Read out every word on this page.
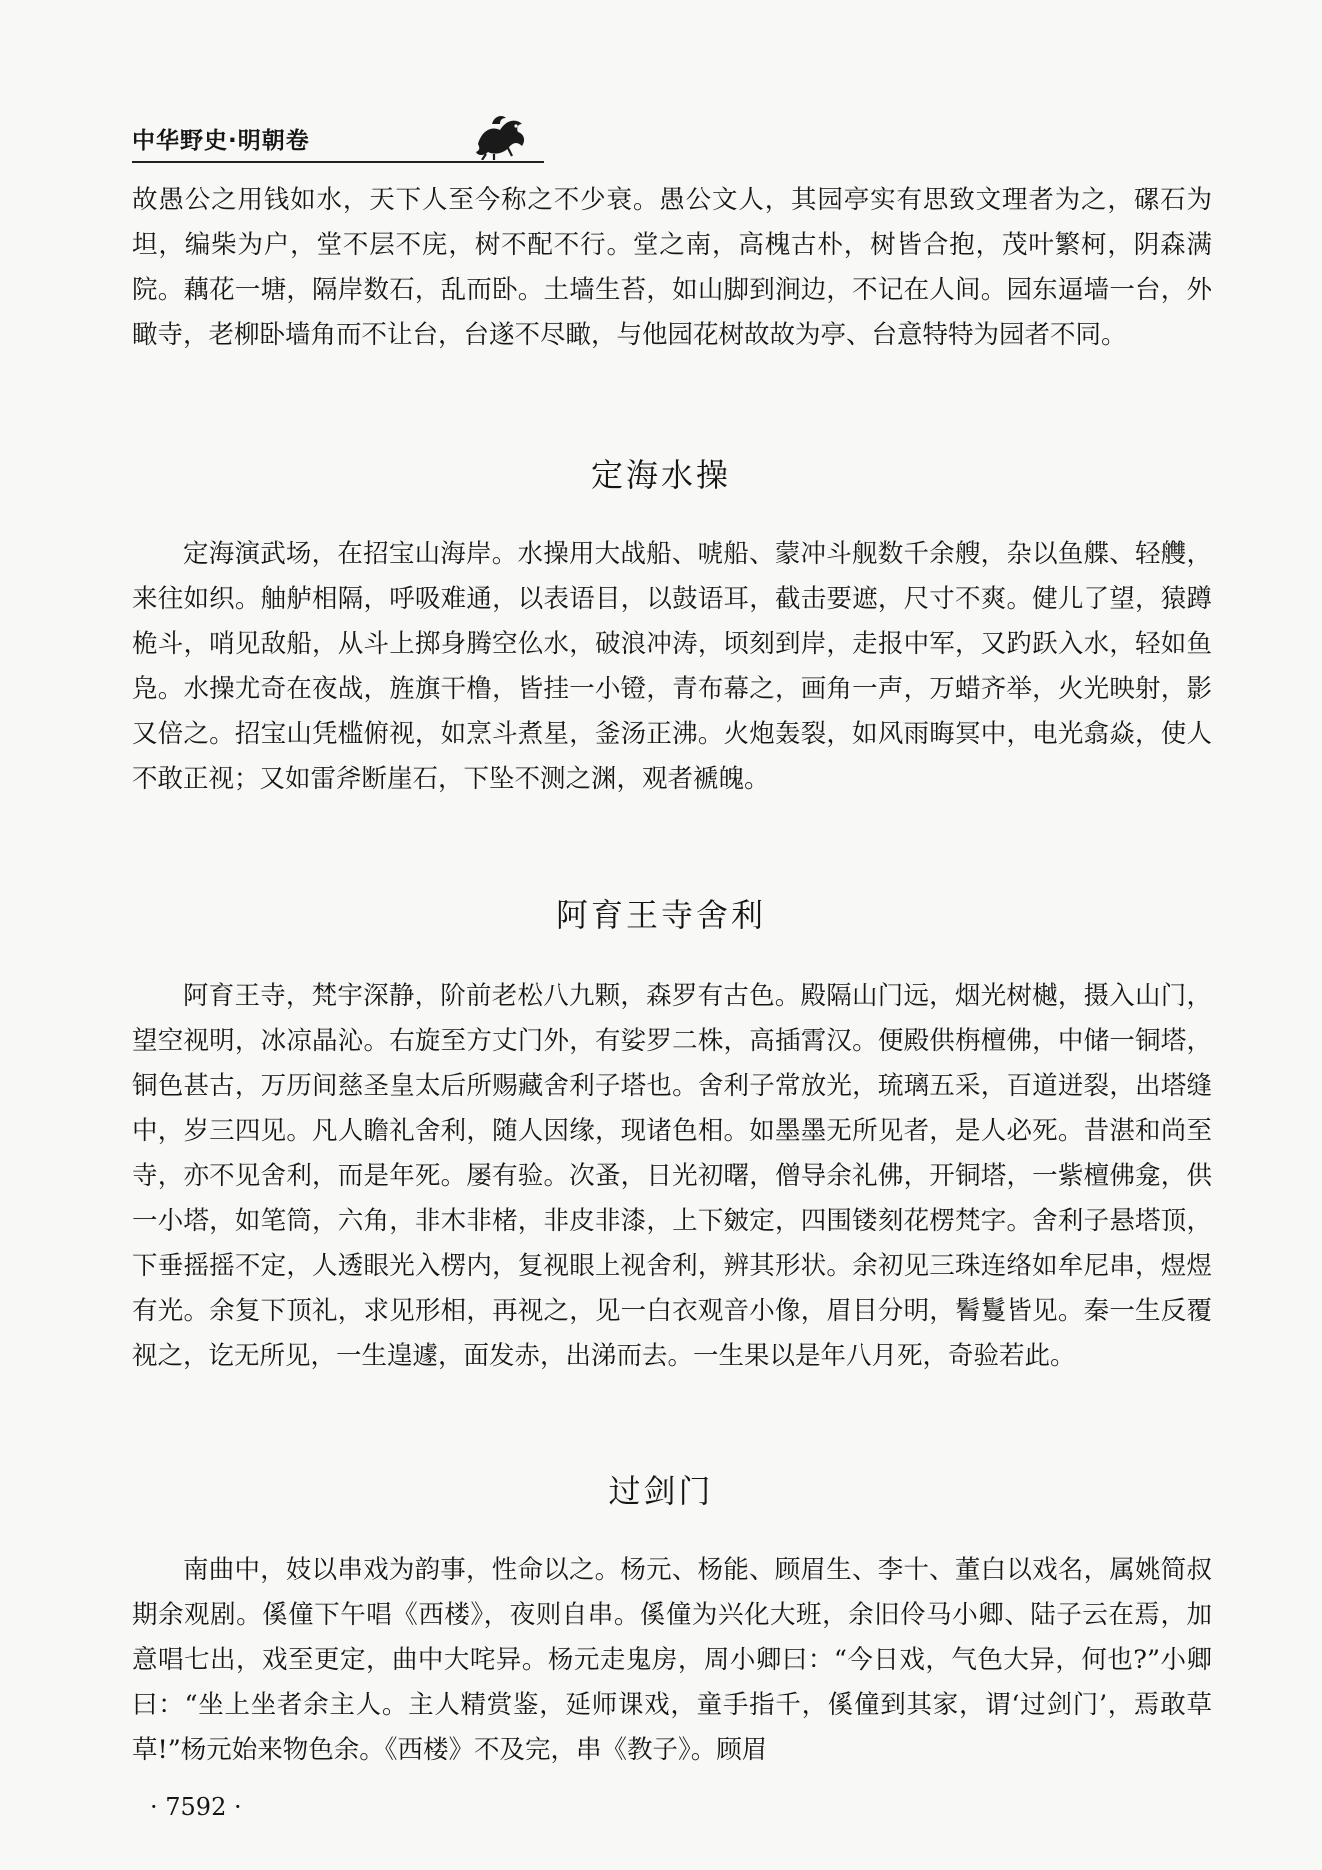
中华野史·明朝卷

故愚公之用钱如水，天下人至今称之不少衰。愚公文人，其园亭实有思致文理者为之，磥石为坦，编柴为户，堂不层不庑，树不配不行。堂之南，高槐古朴，树皆合抱，茂叶繁柯，阴森满院。藕花一塘，隔岸数石，乱而卧。土墙生苔，如山脚到涧边，不记在人间。园东逼墙一台，外瞰寺，老柳卧墙角而不让台，台遂不尽瞰，与他园花树故故为亭、台意特特为园者不同。

定海水操

定海演武场，在招宝山海岸。水操用大战船、唬船、蒙冲斗舰数千余艘，杂以鱼艓、轻艭，来往如织。舳舻相隔，呼吸难通，以表语目，以鼓语耳，截击要遮，尺寸不爽。健儿了望，猿蹲桅斗，哨见敌船，从斗上掷身腾空仫水，破浪冲涛，顷刻到岸，走报中军，又趵跃入水，轻如鱼凫。水操尤奇在夜战，旌旗干橹，皆挂一小镫，青布幕之，画角一声，万蜡齐举，火光映射，影又倍之。招宝山凭槛俯视，如烹斗煮星，釜汤正沸。火炮轰裂，如风雨晦冥中，电光翕焱，使人不敢正视；又如雷斧断崖石，下坠不测之渊，观者褫魄。

阿育王寺舍利

阿育王寺，梵宇深静，阶前老松八九颗，森罗有古色。殿隔山门远，烟光树樾，摄入山门，望空视明，冰凉晶沁。右旋至方丈门外，有娑罗二株，高插霄汉。便殿供栴檀佛，中储一铜塔，铜色甚古，万历间慈圣皇太后所赐藏舍利子塔也。舍利子常放光，琉璃五采，百道迸裂，出塔缝中，岁三四见。凡人瞻礼舍利，随人因缘，现诸色相。如墨墨无所见者，是人必死。昔湛和尚至寺，亦不见舍利，而是年死。屡有验。次蚤，日光初曙，僧导余礼佛，开铜塔，一紫檀佛龛，供一小塔，如笔筒，六角，非木非楮，非皮非漆，上下皴定，四围镂刻花楞梵字。舍利子悬塔顶，下垂摇摇不定，人透眼光入楞内，复视眼上视舍利，辨其形状。余初见三珠连络如牟尼串，煜煜有光。余复下顶礼，求见形相，再视之，见一白衣观音小像，眉目分明，鬌鬘皆见。秦一生反覆视之，讫无所见，一生遑遽，面发赤，出涕而去。一生果以是年八月死，奇验若此。

过剑门

南曲中，妓以串戏为韵事，性命以之。杨元、杨能、顾眉生、李十、董白以戏名，属姚简叔期余观剧。傒僮下午唱《西楼》，夜则自串。傒僮为兴化大班，余旧伶马小卿、陆子云在焉，加意唱七出，戏至更定，曲中大咤异。杨元走鬼房，周小卿曰：“今日戏，气色大异，何也?”小卿曰：“坐上坐者余主人。主人精赏鉴，延师课戏，童手指千，傒僮到其家，谓‘过剑门’，焉敢草草!”杨元始来物色余。《西楼》不及完，串《教子》。顾眉

· 7592 ·
